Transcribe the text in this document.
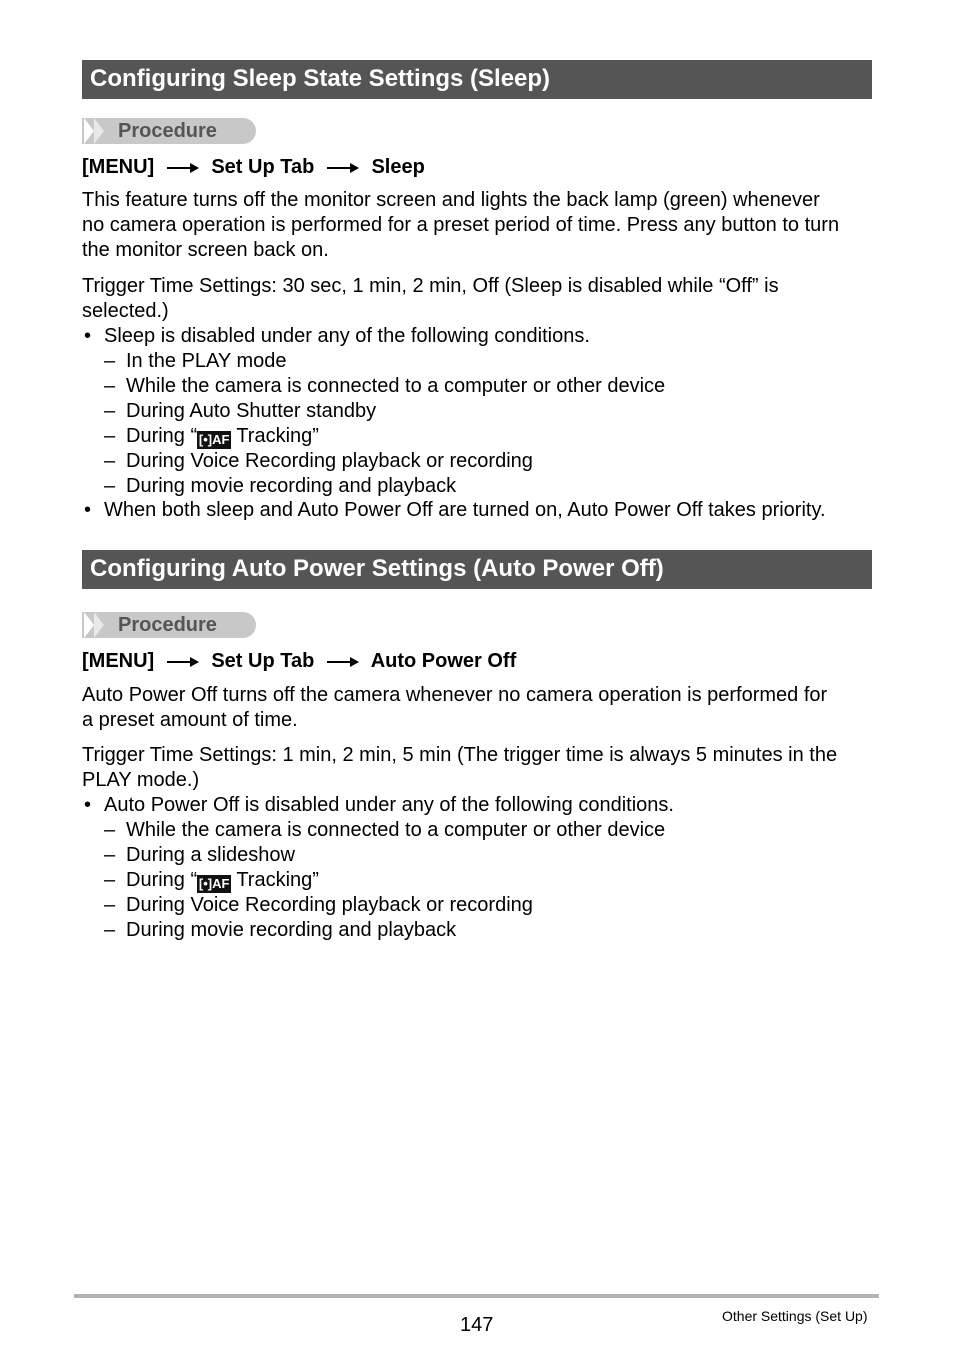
Configuring Sleep State Settings (Sleep)
Procedure
[MENU]	Set Up Tab	Sleep
This feature turns off the monitor screen and lights the back lamp (green) whenever
no camera operation is performed for a preset period of time. Press any button to turn
the monitor screen back on.
Trigger Time Settings: 30 sec, 1 min, 2 min, Off (Sleep is disabled while “Off” is
selected.)
• Sleep is disabled under any of the following conditions.
– In the PLAY mode
– While the camera is connected to a computer or other device
– During Auto Shutter standby
– During “ [•]AF Tracking”
– During Voice Recording playback or recording
– During movie recording and playback
• When both sleep and Auto Power Off are turned on, Auto Power Off takes priority.
Configuring Auto Power Settings (Auto Power Off)
Procedure
[MENU]	Set Up Tab	Auto Power Off
Auto Power Off turns off the camera whenever no camera operation is performed for
a preset amount of time.
Trigger Time Settings: 1 min, 2 min, 5 min (The trigger time is always 5 minutes in the
PLAY mode.)
• Auto Power Off is disabled under any of the following conditions.
– While the camera is connected to a computer or other device
– During a slideshow
– During “ [•]AF Tracking”
– During Voice Recording playback or recording
– During movie recording and playback
147	Other Settings (Set Up)
